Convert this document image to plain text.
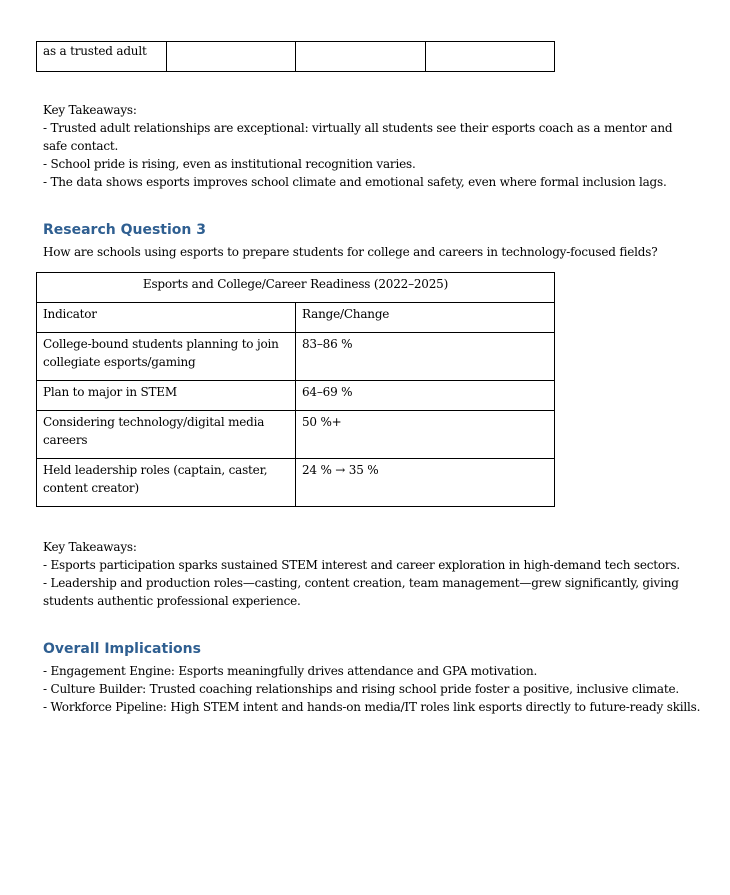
as a trusted adult			
Key Takeaways:
- Trusted adult relationships are exceptional: virtually all students see their esports coach as a mentor and safe contact.
- School pride is rising, even as institutional recognition varies.
- The data shows esports improves school climate and emotional safety, even where formal inclusion lags.
Research Question 3
How are schools using esports to prepare students for college and careers in technology-focused fields?
Esports and College/Career Readiness (2022–2025)	
Indicator	Range/Change
College-bound students planning to join collegiate esports/gaming	83–86 %
Plan to major in STEM	64–69 %
Considering technology/digital media careers	50 %+
Held leadership roles (captain, caster, content creator)	24 % → 35 %
Key Takeaways:
- Esports participation sparks sustained STEM interest and career exploration in high-demand tech sectors.
- Leadership and production roles—casting, content creation, team management—grew significantly, giving students authentic professional experience.
Overall Implications
- Engagement Engine: Esports meaningfully drives attendance and GPA motivation.
- Culture Builder: Trusted coaching relationships and rising school pride foster a positive, inclusive climate.
- Workforce Pipeline: High STEM intent and hands-on media/IT roles link esports directly to future-ready skills.
